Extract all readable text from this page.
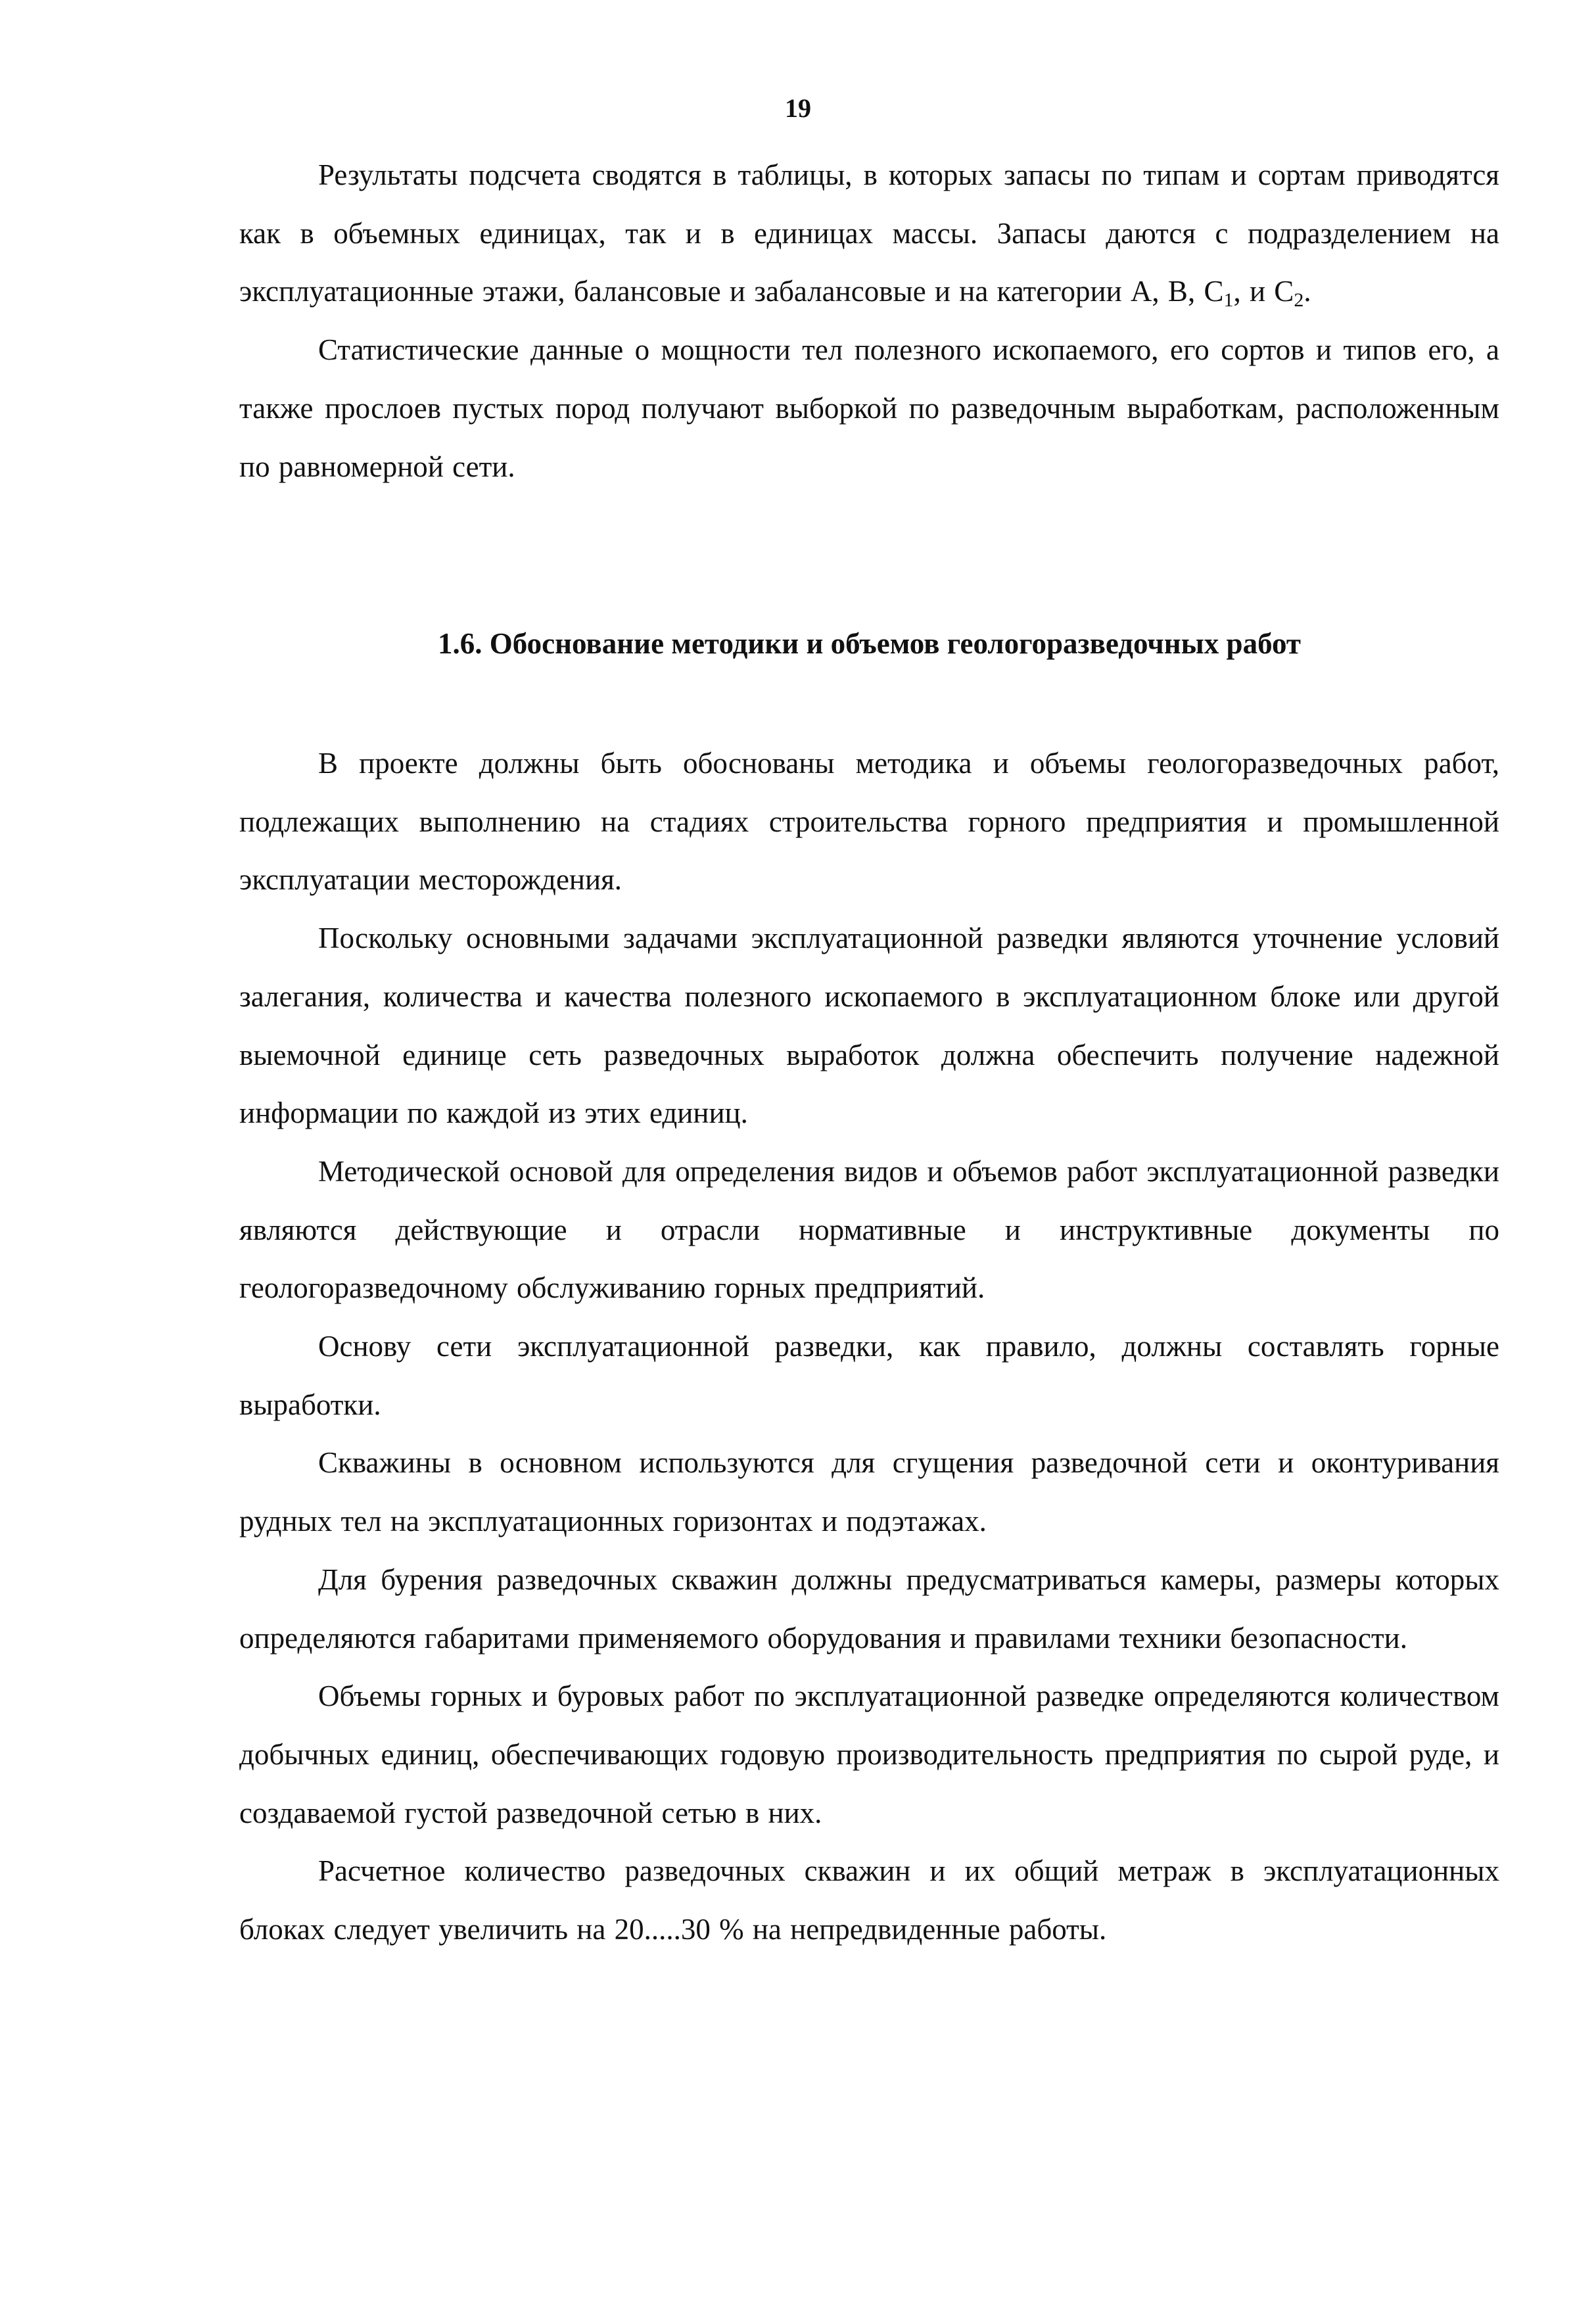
19

Результаты подсчета сводятся в таблицы, в которых запасы по типам и сортам приводятся как в объемных единицах, так и в единицах массы. Запасы даются с подразделением на эксплуатационные этажи, балансовые и забалансовые и на категории А, В, $C_1$, и $C_2$.

Статистические данные о мощности тел полезного ископаемого, его сортов и типов его, а также прослоев пустых пород получают выборкой по разведочным выработкам, расположенным по равномерной сети.

1.6. Обоснование методики и объемов геологоразведочных работ

В проекте должны быть обоснованы методика и объемы геологоразведочных работ, подлежащих выполнению на стадиях строительства горного предприятия и промышленной эксплуатации месторождения.

Поскольку основными задачами эксплуатационной разведки являются уточнение условий залегания, количества и качества полезного ископаемого в эксплуатационном блоке или другой выемочной единице сеть разведочных выработок должна обеспечить получение надежной информации по каждой из этих единиц.

Методической основой для определения видов и объемов работ эксплуатационной разведки являются действующие и отрасли нормативные и инструктивные документы по геологоразведочному обслуживанию горных предприятий.

Основу сети эксплуатационной разведки, как правило, должны составлять горные выработки.

Скважины в основном используются для сгущения разведочной сети и оконтуривания рудных тел на эксплуатационных горизонтах и подэтажах.

Для бурения разведочных скважин должны предусматриваться камеры, размеры которых определяются габаритами применяемого оборудования и правилами техники безопасности.

Объемы горных и буровых работ по эксплуатационной разведке определяются количеством добычных единиц, обеспечивающих годовую производительность предприятия по сырой руде, и создаваемой густой разведочной сетью в них.

Расчетное количество разведочных скважин и их общий метраж в эксплуатационных блоках следует увеличить на 20.....30 % на непредвиденные работы.
